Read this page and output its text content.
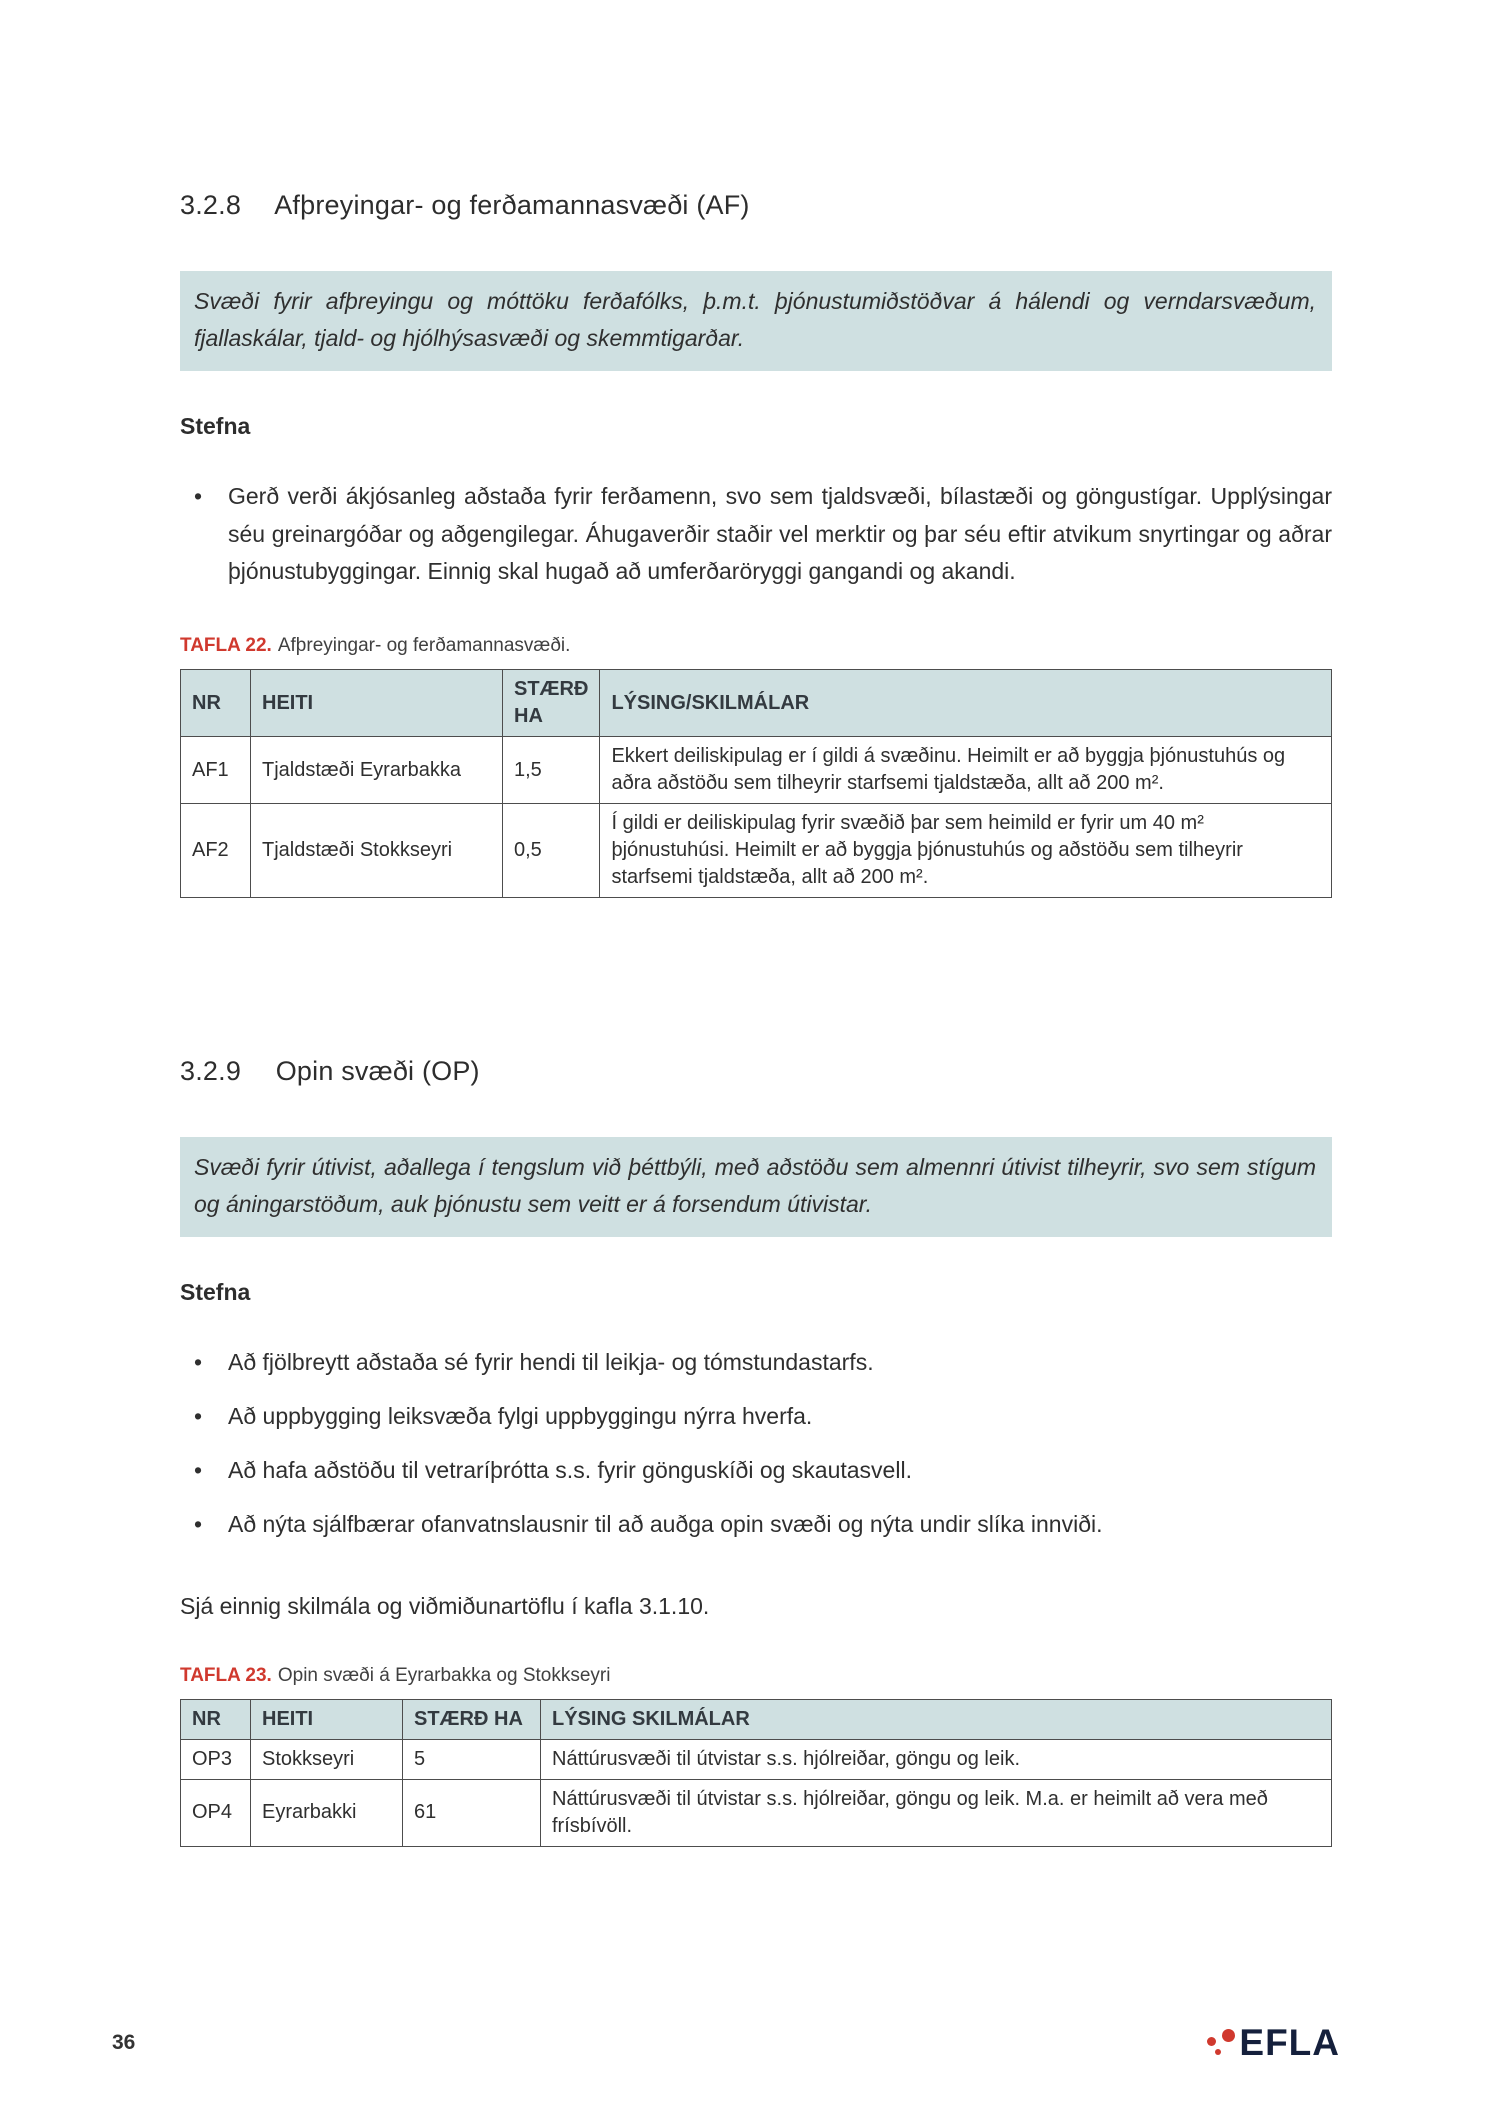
3.2.8 Afþreyingar- og ferðamannasvæði (AF)
Svæði fyrir afþreyingu og móttöku ferðafólks, þ.m.t. þjónustumiðstöðvar á hálendi og verndarsvæðum, fjallaskálar, tjald- og hjólhýsasvæði og skemmtigarðar.

Stefna

• Gerð verði ákjósanleg aðstaða fyrir ferðamenn, svo sem tjaldsvæði, bílastæði og göngustígar. Upplýsingar séu greinargóðar og aðgengilegar. Áhugaverðir staðir vel merktir og þar séu eftir atvikum snyrtingar og aðrar þjónustubyggingar. Einnig skal hugað að umferðaröryggi gangandi og akandi.

TAFLA 22. Afþreyingar- og ferðamannasvæði.

NR	HEITI	STÆRÐ HA	LÝSING/SKILMÁLAR
AF1	Tjaldstæði Eyrarbakka	1,5	Ekkert deiliskipulag er í gildi á svæðinu. Heimilt er að byggja þjónustuhús og aðra aðstöðu sem tilheyrir starfsemi tjaldstæða, allt að 200 m².
AF2	Tjaldstæði Stokkseyri	0,5	Í gildi er deiliskipulag fyrir svæðið þar sem heimild er fyrir um 40 m² þjónustuhúsi. Heimilt er að byggja þjónustuhús og aðstöðu sem tilheyrir starfsemi tjaldstæða, allt að 200 m².
3.2.9 Opin svæði (OP)
Svæði fyrir útivist, aðallega í tengslum við þéttbýli, með aðstöðu sem almennri útivist tilheyrir, svo sem stígum og áningarstöðum, auk þjónustu sem veitt er á forsendum útivistar.

Stefna

• Að fjölbreytt aðstaða sé fyrir hendi til leikja- og tómstundastarfs.
• Að uppbygging leiksvæða fylgi uppbyggingu nýrra hverfa.
• Að hafa aðstöðu til vetraríþrótta s.s. fyrir gönguskíði og skautasvell.
• Að nýta sjálfbærar ofanvatnslausnir til að auðga opin svæði og nýta undir slíka innviði.

Sjá einnig skilmála og viðmiðunartöflu í kafla 3.1.10.

TAFLA 23. Opin svæði á Eyrarbakka og Stokkseyri

NR	HEITI	STÆRÐ HA	LÝSING SKILMÁLAR
OP3	Stokkseyri	5	Náttúrusvæði til útvistar s.s. hjólreiðar, göngu og leik.
OP4	Eyrarbakki	61	Náttúrusvæði til útvistar s.s. hjólreiðar, göngu og leik. M.a. er heimilt að vera með frísbívöll.
36	EFLA
